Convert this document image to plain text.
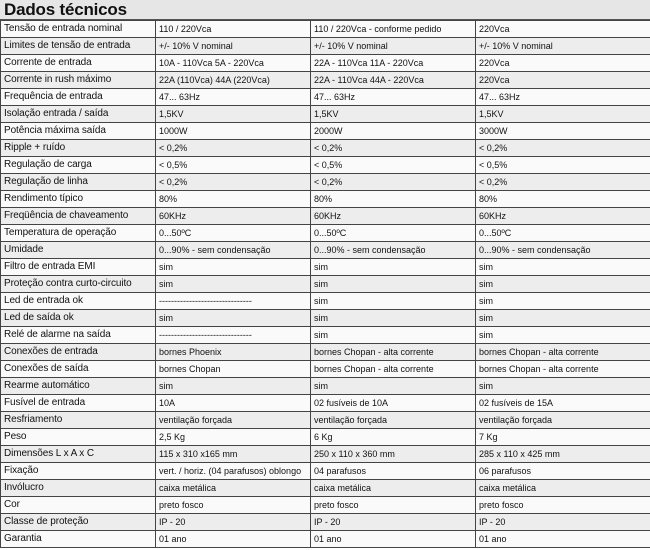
Dados técnicos
Tensão de entrada nominal	110 / 220Vca	110 / 220Vca - conforme pedido	220Vca
Limites de tensão de entrada	+/- 10% V nominal	+/- 10% V nominal	+/- 10% V nominal
Corrente de entrada	10A - 110Vca 5A - 220Vca	22A - 110Vca 11A - 220Vca	220Vca
Corrente in rush máximo	22A (110Vca) 44A (220Vca)	22A - 110Vca 44A - 220Vca	220Vca
Frequência de entrada	47... 63Hz	47... 63Hz	47... 63Hz
Isolação entrada / saída	1,5KV	1,5KV	1,5KV
Potência máxima saída	1000W	2000W	3000W
Ripple + ruído	< 0,2%	< 0,2%	< 0,2%
Regulação de carga	< 0,5%	< 0,5%	< 0,5%
Regulação de linha	< 0,2%	< 0,2%	< 0,2%
Rendimento típico	80%	80%	80%
Freqüência de chaveamento	60KHz	60KHz	60KHz
Temperatura de operação	0...50ºC	0...50ºC	0...50ºC
Umidade	0...90% - sem condensação	0...90% - sem condensação	0...90% - sem condensação
Filtro de entrada EMI	sim	sim	sim
Proteção contra curto-circuito	sim	sim	sim
Led de entrada ok	-------------------------------	sim	sim
Led de saída ok	sim	sim	sim
Relé de alarme na saída	-------------------------------	sim	sim
Conexões de entrada	bornes Phoenix	bornes Chopan - alta corrente	bornes Chopan - alta corrente
Conexões de saída	bornes Chopan	bornes Chopan - alta corrente	bornes Chopan - alta corrente
Rearme automático	sim	sim	sim
Fusível de entrada	10A	02 fusíveis de 10A	02 fusíveis de 15A
Resfriamento	ventilação forçada	ventilação forçada	ventilação forçada
Peso	2,5 Kg	6 Kg	7 Kg
Dimensões L x A x C	115 x 310 x165 mm	250 x 110 x 360 mm	285 x 110 x 425 mm
Fixação	vert. / horiz. (04 parafusos) oblongo	04 parafusos	06 parafusos
Invólucro	caixa metálica	caixa metálica	caixa metálica
Cor	preto fosco	preto fosco	preto fosco
Classe de proteção	IP - 20	IP - 20	IP - 20
Garantia	01 ano	01 ano	01 ano
